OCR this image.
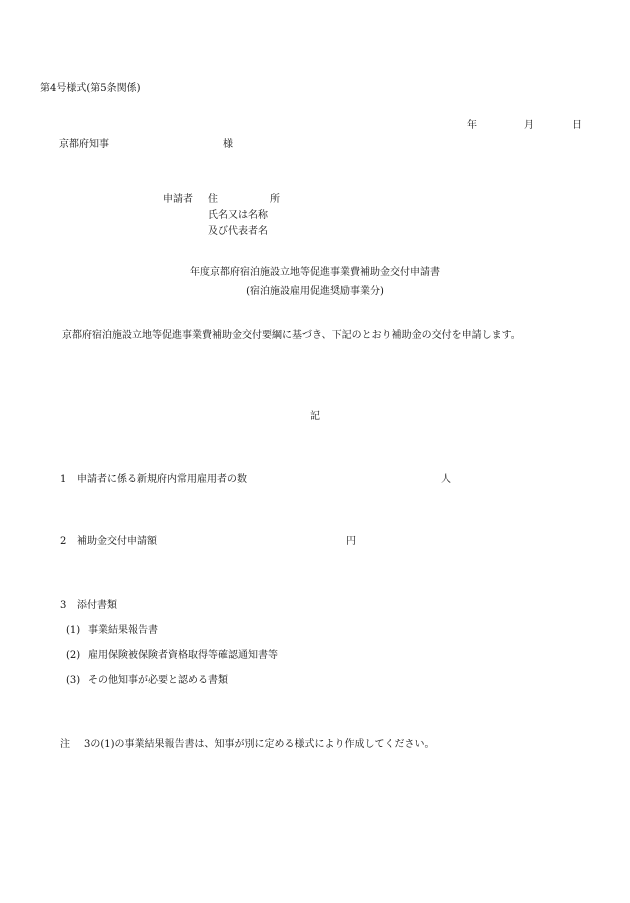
第4号様式(第5条関係)
年	月	日
京都府知事	様
申請者 住	所
氏名又は名称
及び代表者名
年度京都府宿泊施設立地等促進事業費補助金交付申請書
(宿泊施設雇用促進奨励事業分)
京都府宿泊施設立地等促進事業費補助金交付要綱に基づき、下記のとおり補助金の交付を申請します。
記
1 申請者に係る新規府内常用雇用者の数	人
2 補助金交付申請額	円
3 添付書類
(1) 事業結果報告書
(2) 雇用保険被保険者資格取得等確認通知書等
(3) その他知事が必要と認める書類
注 3の(1)の事業結果報告書は、知事が別に定める様式により作成してください。
